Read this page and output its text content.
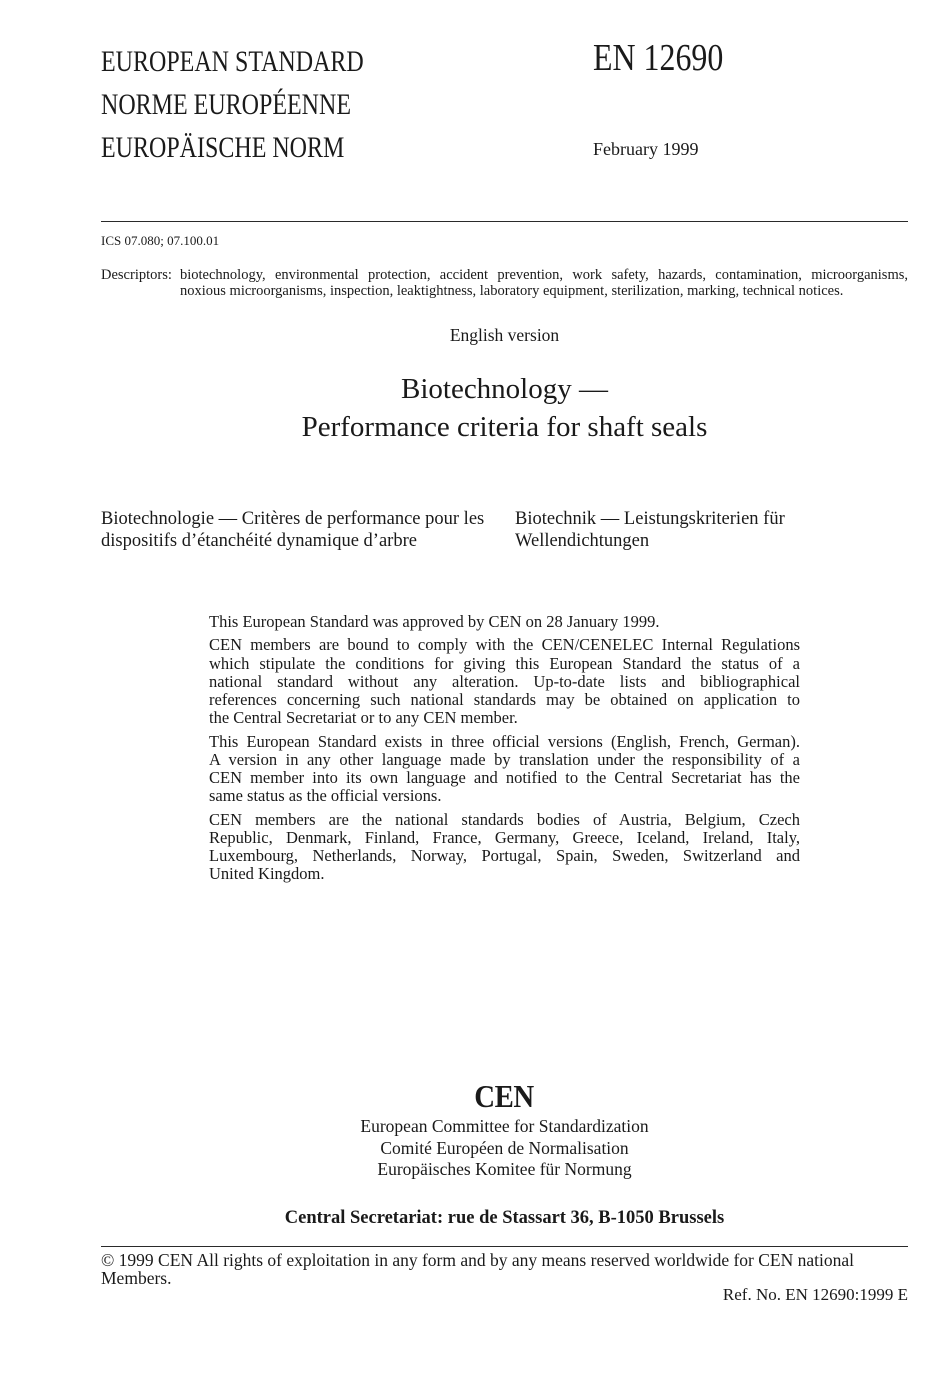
EUROPEAN STANDARD
NORME EUROPÉENNE
EUROPÄISCHE NORM
EN 12690
February 1999
ICS 07.080; 07.100.01
Descriptors: biotechnology, environmental protection, accident prevention, work safety, hazards, contamination, microorganisms,
noxious microorganisms, inspection, leaktightness, laboratory equipment, sterilization, marking, technical notices.
English version
Biotechnology —
Performance criteria for shaft seals
Biotechnologie — Critères de performance pour les dispositifs d’étanchéité dynamique d’arbre
Biotechnik — Leistungskriterien für Wellendichtungen
This European Standard was approved by CEN on 28 January 1999.
CEN members are bound to comply with the CEN/CENELEC Internal Regulations
which stipulate the conditions for giving this European Standard the status of a
national standard without any alteration. Up-to-date lists and bibliographical
references concerning such national standards may be obtained on application to
the Central Secretariat or to any CEN member.
This European Standard exists in three official versions (English, French, German).
A version in any other language made by translation under the responsibility of a
CEN member into its own language and notified to the Central Secretariat has the
same status as the official versions.
CEN members are the national standards bodies of Austria, Belgium, Czech
Republic, Denmark, Finland, France, Germany, Greece, Iceland, Ireland, Italy,
Luxembourg, Netherlands, Norway, Portugal, Spain, Sweden, Switzerland and
United Kingdom.
CEN
European Committee for Standardization
Comité Européen de Normalisation
Europäisches Komitee für Normung
Central Secretariat: rue de Stassart 36, B-1050 Brussels
© 1999 CEN All rights of exploitation in any form and by any means reserved worldwide for CEN national
Members.
Ref. No. EN 12690:1999 E
